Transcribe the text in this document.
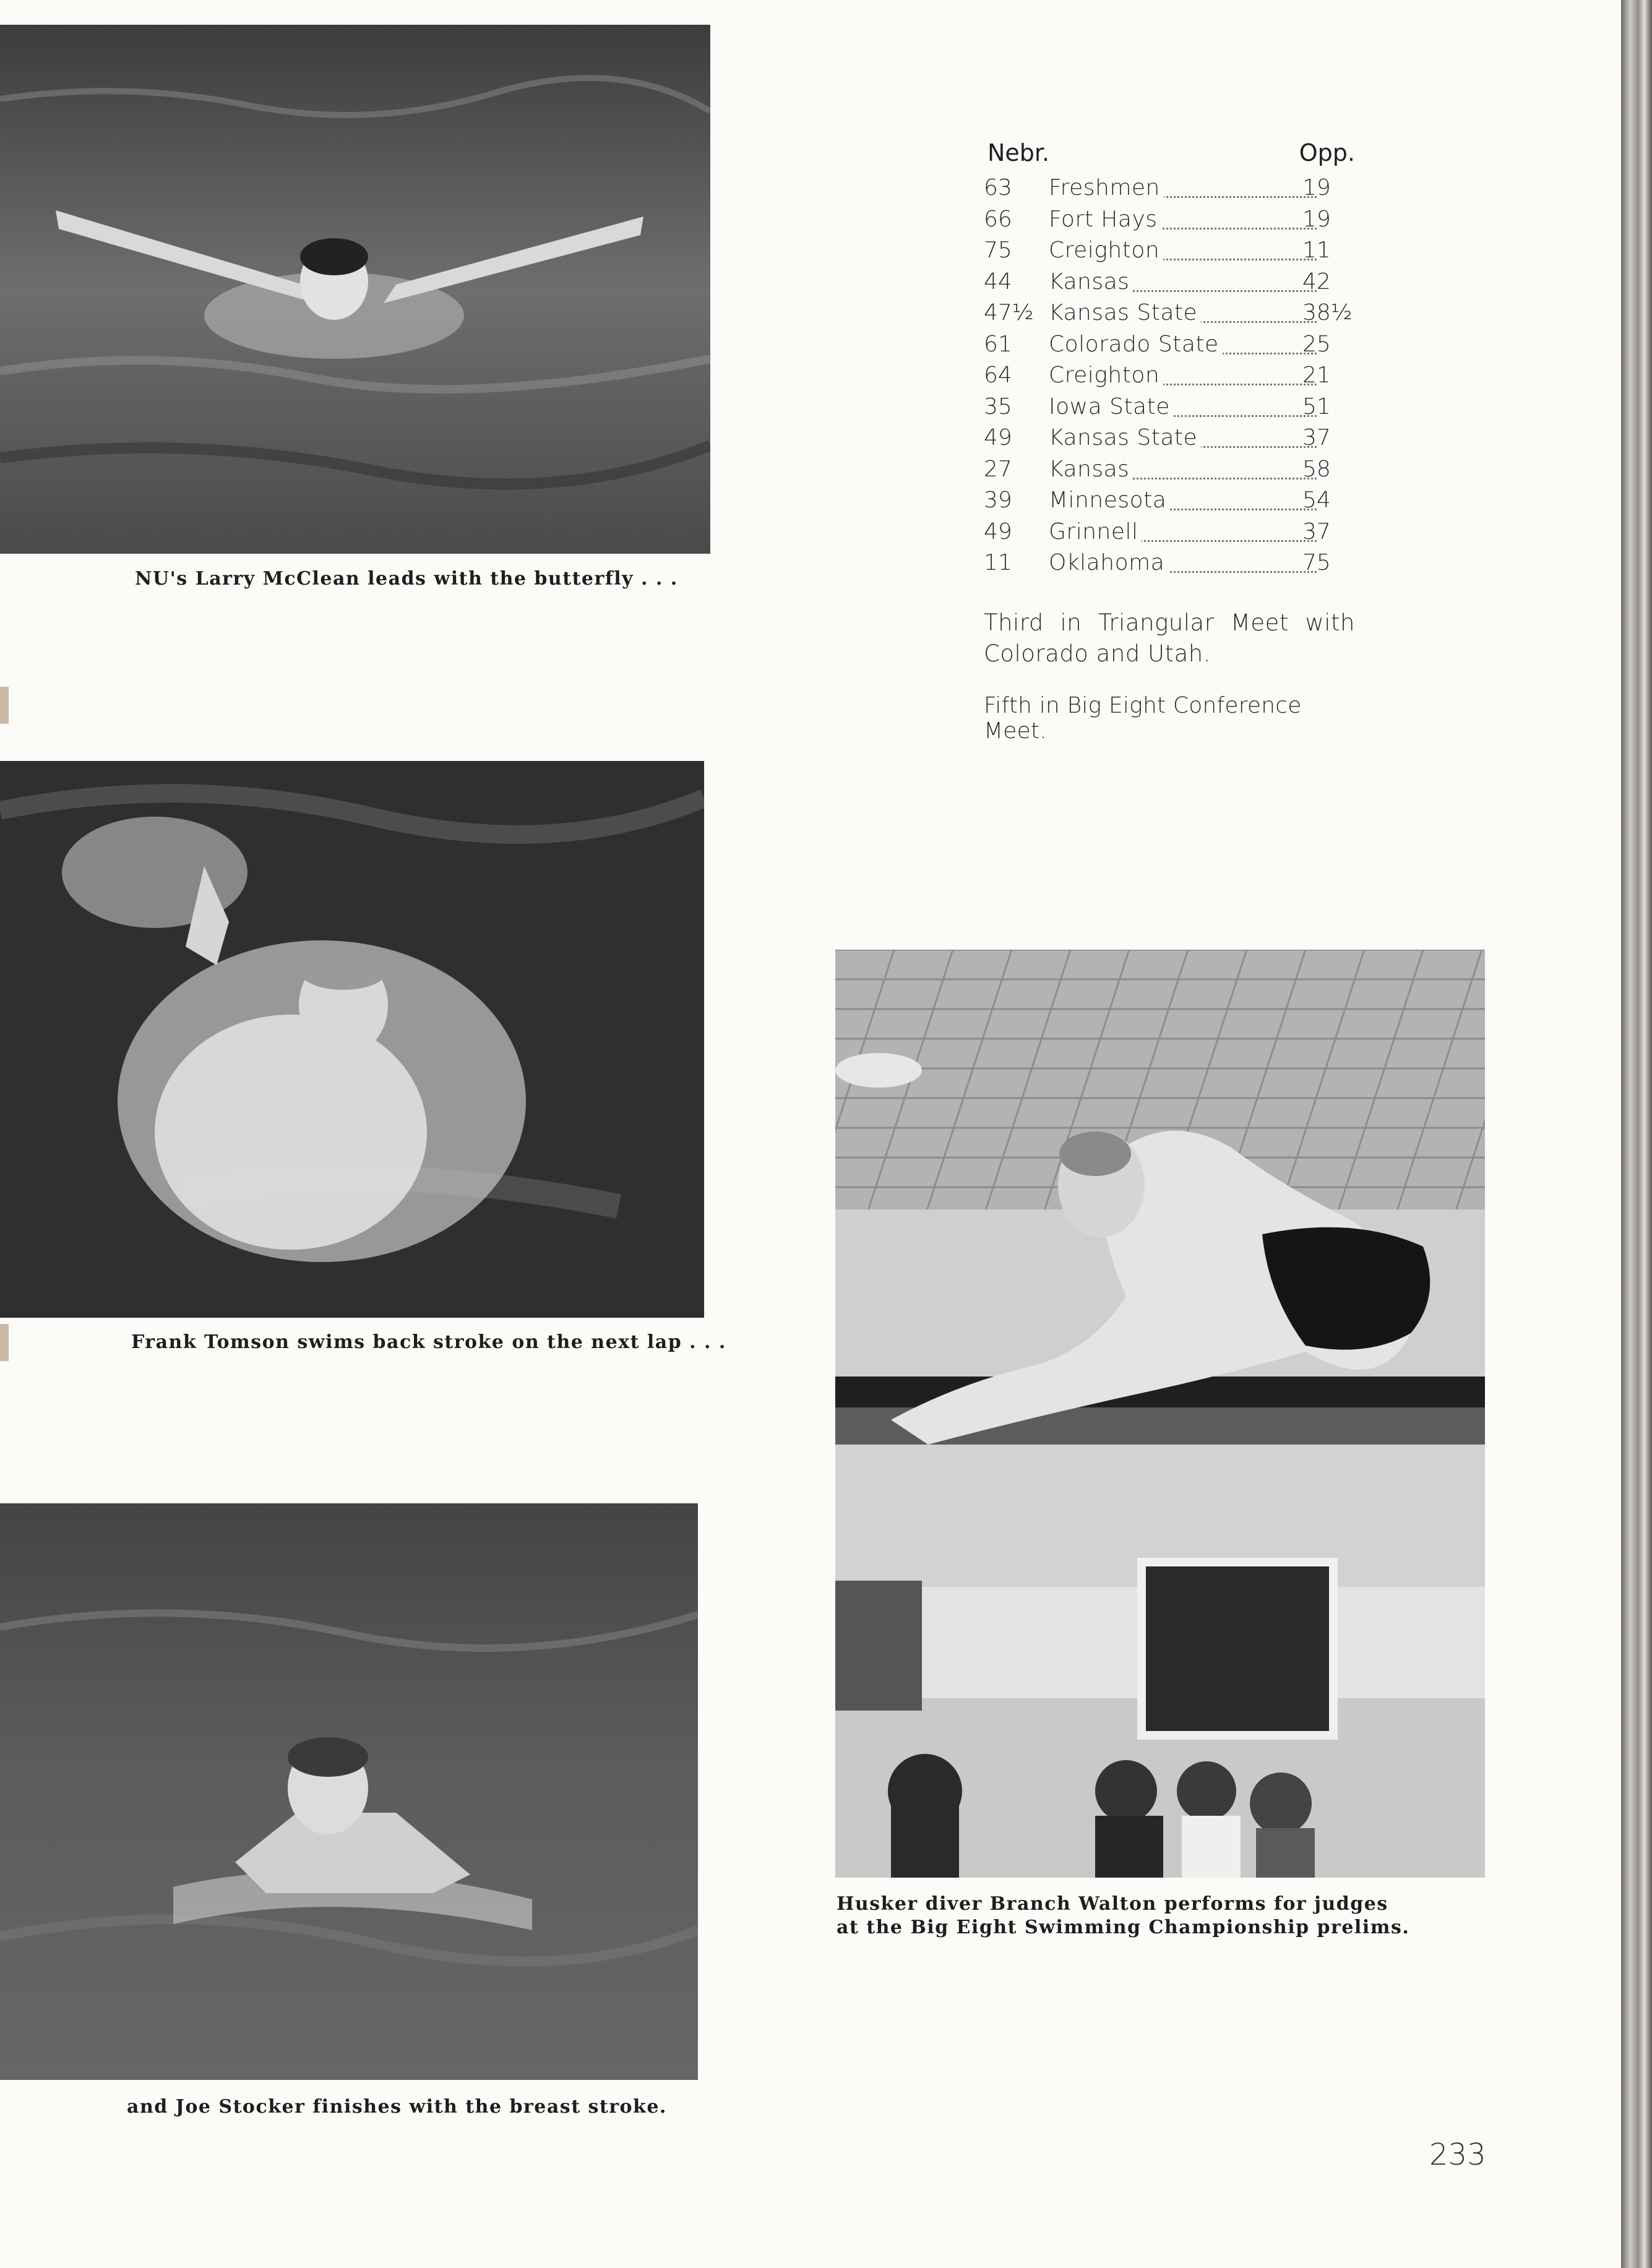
NU's Larry McClean leads with the butterfly . . .
Frank Tomson swims back stroke on the next lap . . .
and Joe Stocker finishes with the breast stroke.
Husker diver Branch Walton performs for judges
at the Big Eight Swimming Championship prelims.
Nebr.	Opp.
63 Freshmen	19
66 Fort Hays	19
75 Creighton	11
44 Kansas	42
47½ Kansas State	38½
61 Colorado State	25
64 Creighton	21
35 Iowa State	51
49 Kansas State	37
27 Kansas	58
39 Minnesota	54
49 Grinnell	37
11 Oklahoma	75
Third in Triangular Meet with
Colorado and Utah.
Fifth in Big Eight Conference Meet.
233
